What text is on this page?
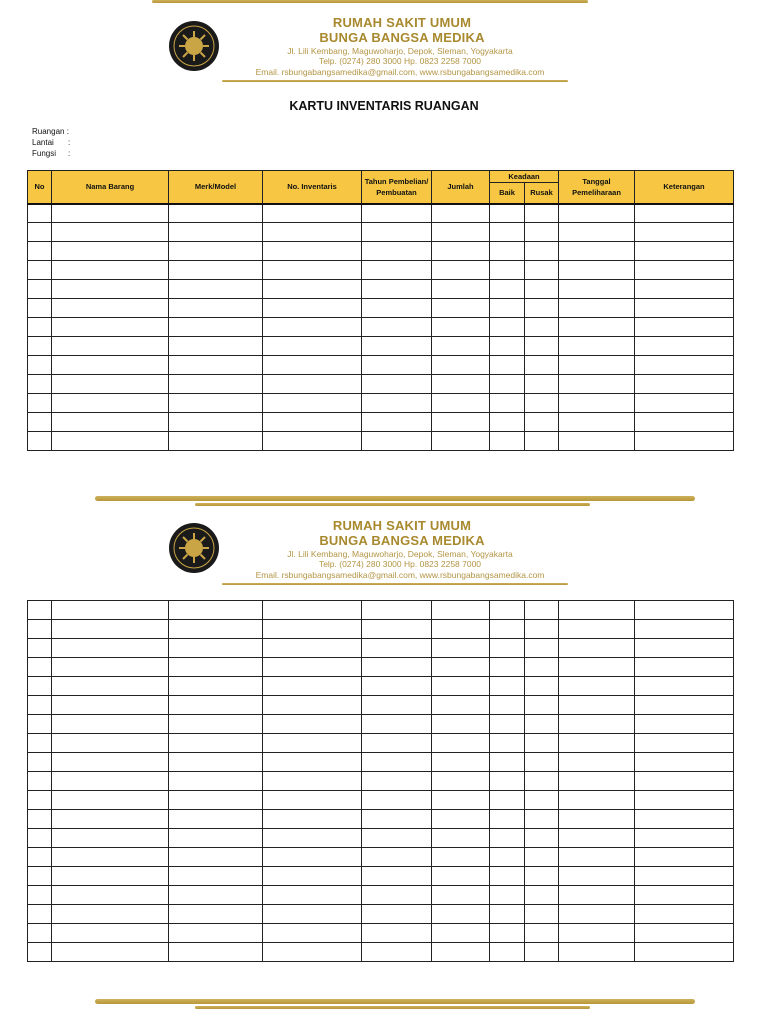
RUMAH SAKIT UMUM
BUNGA BANGSA MEDIKA
Jl. Lili Kembang, Maguwoharjo, Depok, Sleman, Yogyakarta
Telp. (0274) 280 3000 Hp. 0823 2258 7000
Email. rsbungabangsamedika@gmail.com, www.rsbungabangsamedika.com
KARTU INVENTARIS RUANGAN
Ruangan :
Lantai :
Fungsi :
No	Nama Barang	Merk/Model	No. Inventaris	Tahun Pembelian/ Pembuatan	Jumlah	Keadaan		Tanggal Pemeliharaan	Keterangan
						Baik	Rusak		

RUMAH SAKIT UMUM
BUNGA BANGSA MEDIKA
Jl. Lili Kembang, Maguwoharjo, Depok, Sleman, Yogyakarta
Telp. (0274) 280 3000 Hp. 0823 2258 7000
Email. rsbungabangsamedika@gmail.com, www.rsbungabangsamedika.com
